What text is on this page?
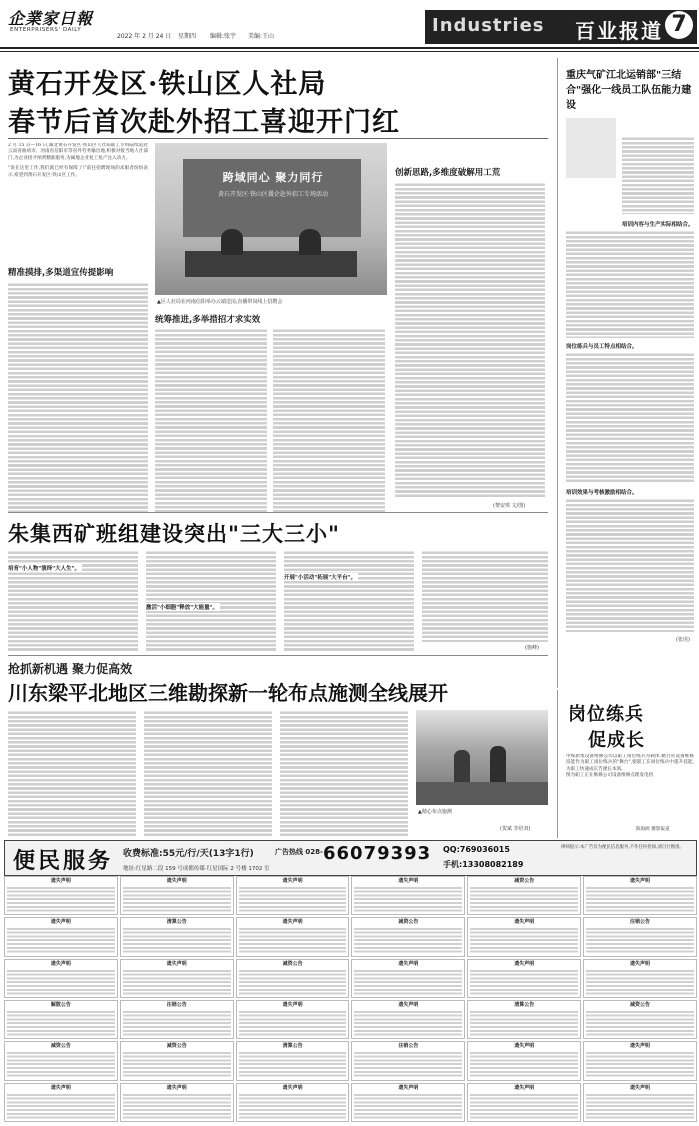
企業家日報
ENTERPRISERS' DAILY
2022 年 2 月 24 日 星期四 编辑:张宇 美编:王山
Industries 百业报道 7
黄石开发区·铁山区人社局
春节后首次赴外招工喜迎开门红
2 月 15 日—16 日,湖北黄石开发区·铁山区人社局职工专班陆续赶赴云南省曲靖市、河南省信阳市等省外劳务输出地,积极对接当地人社部门,为企业招才纳贤精准服务,为属地企业复工复产注入动力。
"说在这里工作,我们就已经有保障了!"前往招聘现场的求职者纷纷表示,希望到黄石开发区·铁山区工作。
精准摸排,多渠道宣传提影响
跨域同心 聚力同行
黄石开发区·铁山区援企赴外招工专场活动
▲区人社局在河南信阳举办云端送岗,直播带岗线上招聘会
统筹推进,多举措招才求实效
创新思路,多维度破解用工荒
(黎安琪 文/图)
重庆气矿江北运销部"三结合"强化一线员工队伍能力建设
培训内容与生产实际相结合。
岗位练兵与员工特点相结合。
培训效果与考核激励相结合。
(张虎)
朱集西矿班组建设突出"三大三小"
培育"小人物"演绎"大人生"。
激活"小细胞"释放"大能量"。
开展"小活动"拓展"大平台"。
(施峰)
抢抓新机遇 聚力促高效
川东梁平北地区三维勘探新一轮布点施测全线展开
▲精心布点施测
(贺斌 李培双)
岗位练兵
促成长
中煤新集设备维修公司以职工岗位练兵为载体,精目常设备维修技能作为职工岗位练兵的"舞台",使职工在岗位练兵中提升技能,为职工快速成长告捷长本领。
图为职工正在维修公司设备维修点理发电机
陈海鸥 摄影报道
便民服务 收费标准:55元/行/天(13字1行)	广告热线 028- 66079393
地址:红星路二段 159 号成都传媒·红星国际 2 号楼 1702 室
QQ:769036015
手机:13308082189
律师提示:本广告仅为便民信息服务,不作任何担保,请自行甄别。
遗失声明
遗失声明
遗失声明
解散公告
减资公告
遗失声明
遗失声明
清算公告
遗失声明
注销公告
减资公告
遗失声明
遗失声明
遗失声明
减资公告
遗失声明
清算公告
遗失声明
遗失声明
减资公告
遗失声明
遗失声明
注销公告
遗失声明
减资公告
遗失声明
遗失声明
清算公告
遗失声明
遗失声明
遗失声明
注销公告
遗失声明
减资公告
遗失声明
遗失声明
